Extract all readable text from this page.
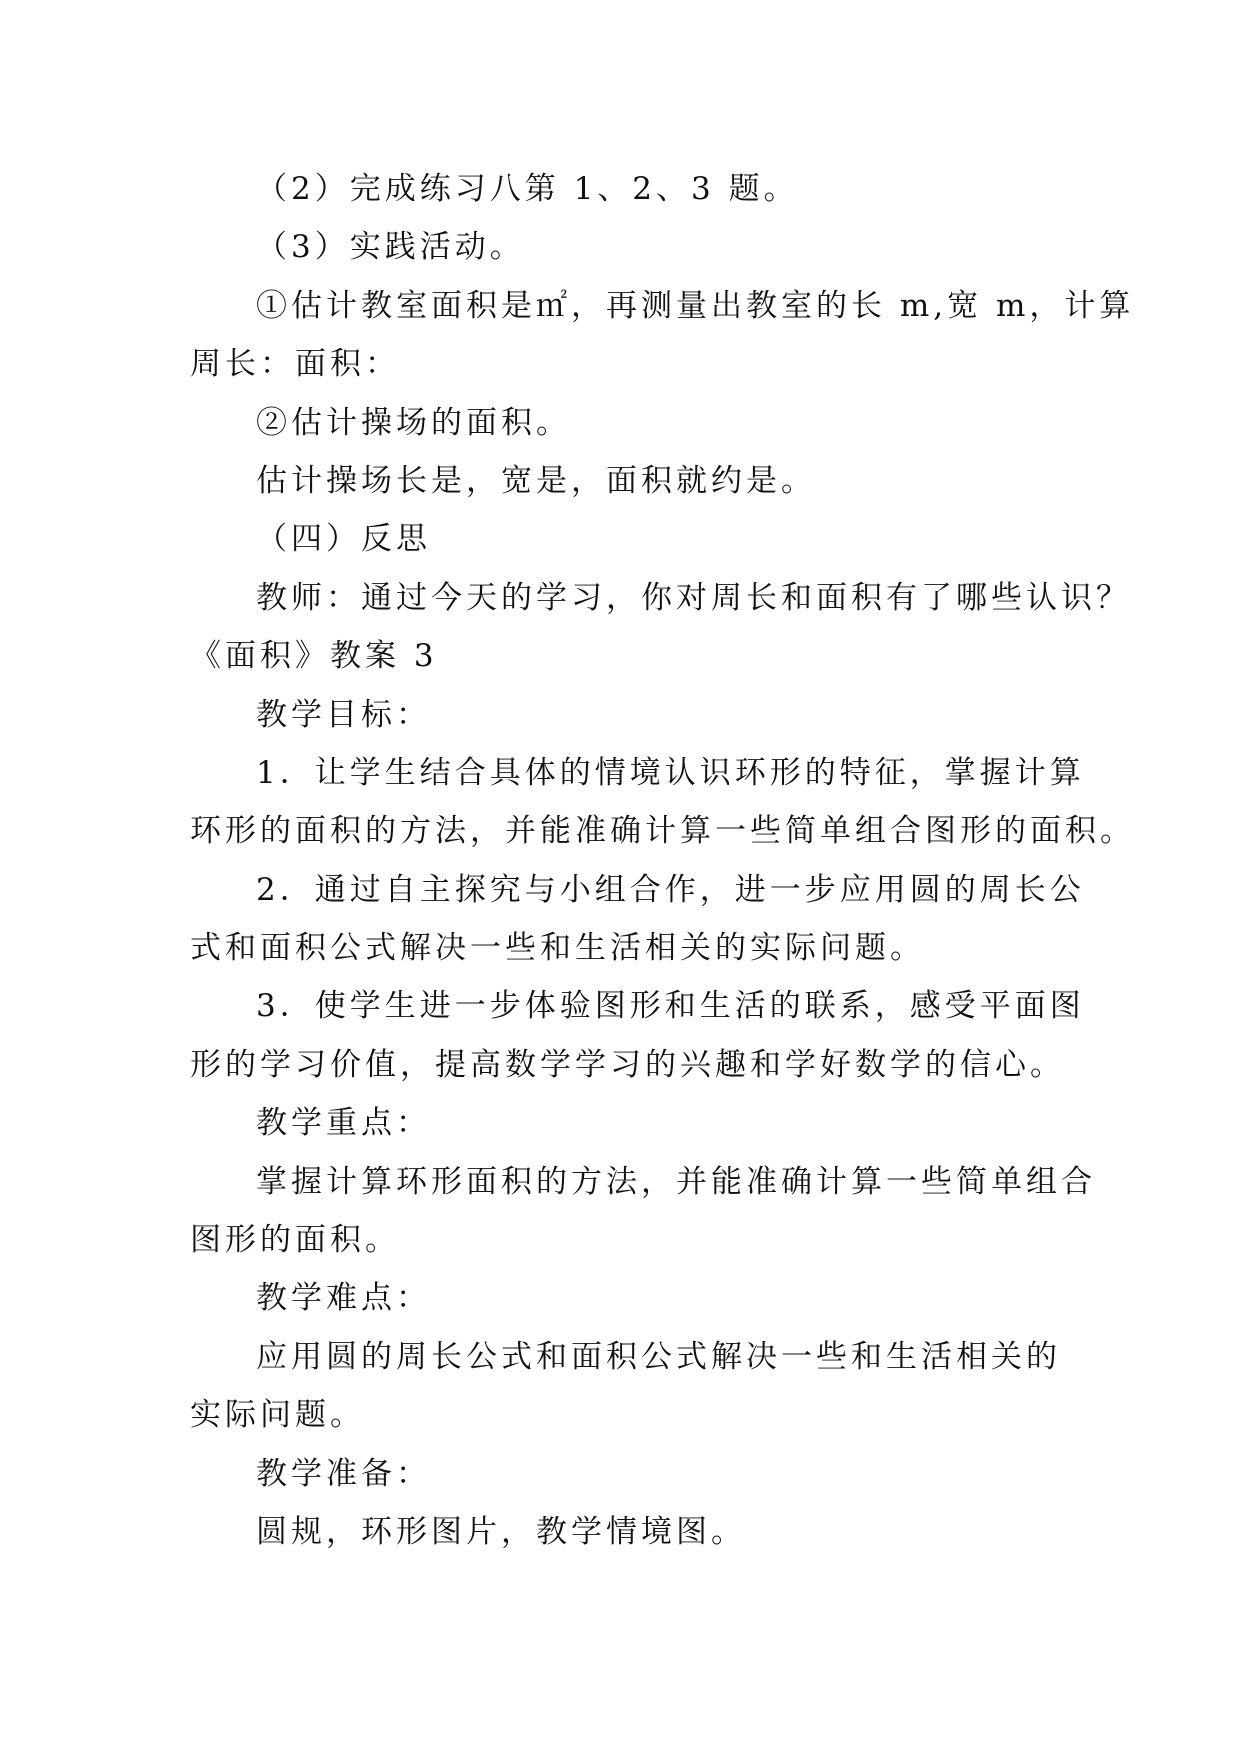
（2）完成练习八第 1、2、3 题。
（3）实践活动。
①估计教室面积是㎡，再测量出教室的长 m,宽 m，计算
周长：面积：
②估计操场的面积。
估计操场长是，宽是，面积就约是。
（四）反思
教师：通过今天的学习，你对周长和面积有了哪些认识？
《面积》教案 3
教学目标：
1．让学生结合具体的情境认识环形的特征，掌握计算
环形的面积的方法，并能准确计算一些简单组合图形的面积。
2．通过自主探究与小组合作，进一步应用圆的周长公
式和面积公式解决一些和生活相关的实际问题。
3．使学生进一步体验图形和生活的联系，感受平面图
形的学习价值，提高数学学习的兴趣和学好数学的信心。
教学重点：
掌握计算环形面积的方法，并能准确计算一些简单组合
图形的面积。
教学难点：
应用圆的周长公式和面积公式解决一些和生活相关的
实际问题。
教学准备：
圆规，环形图片，教学情境图。
